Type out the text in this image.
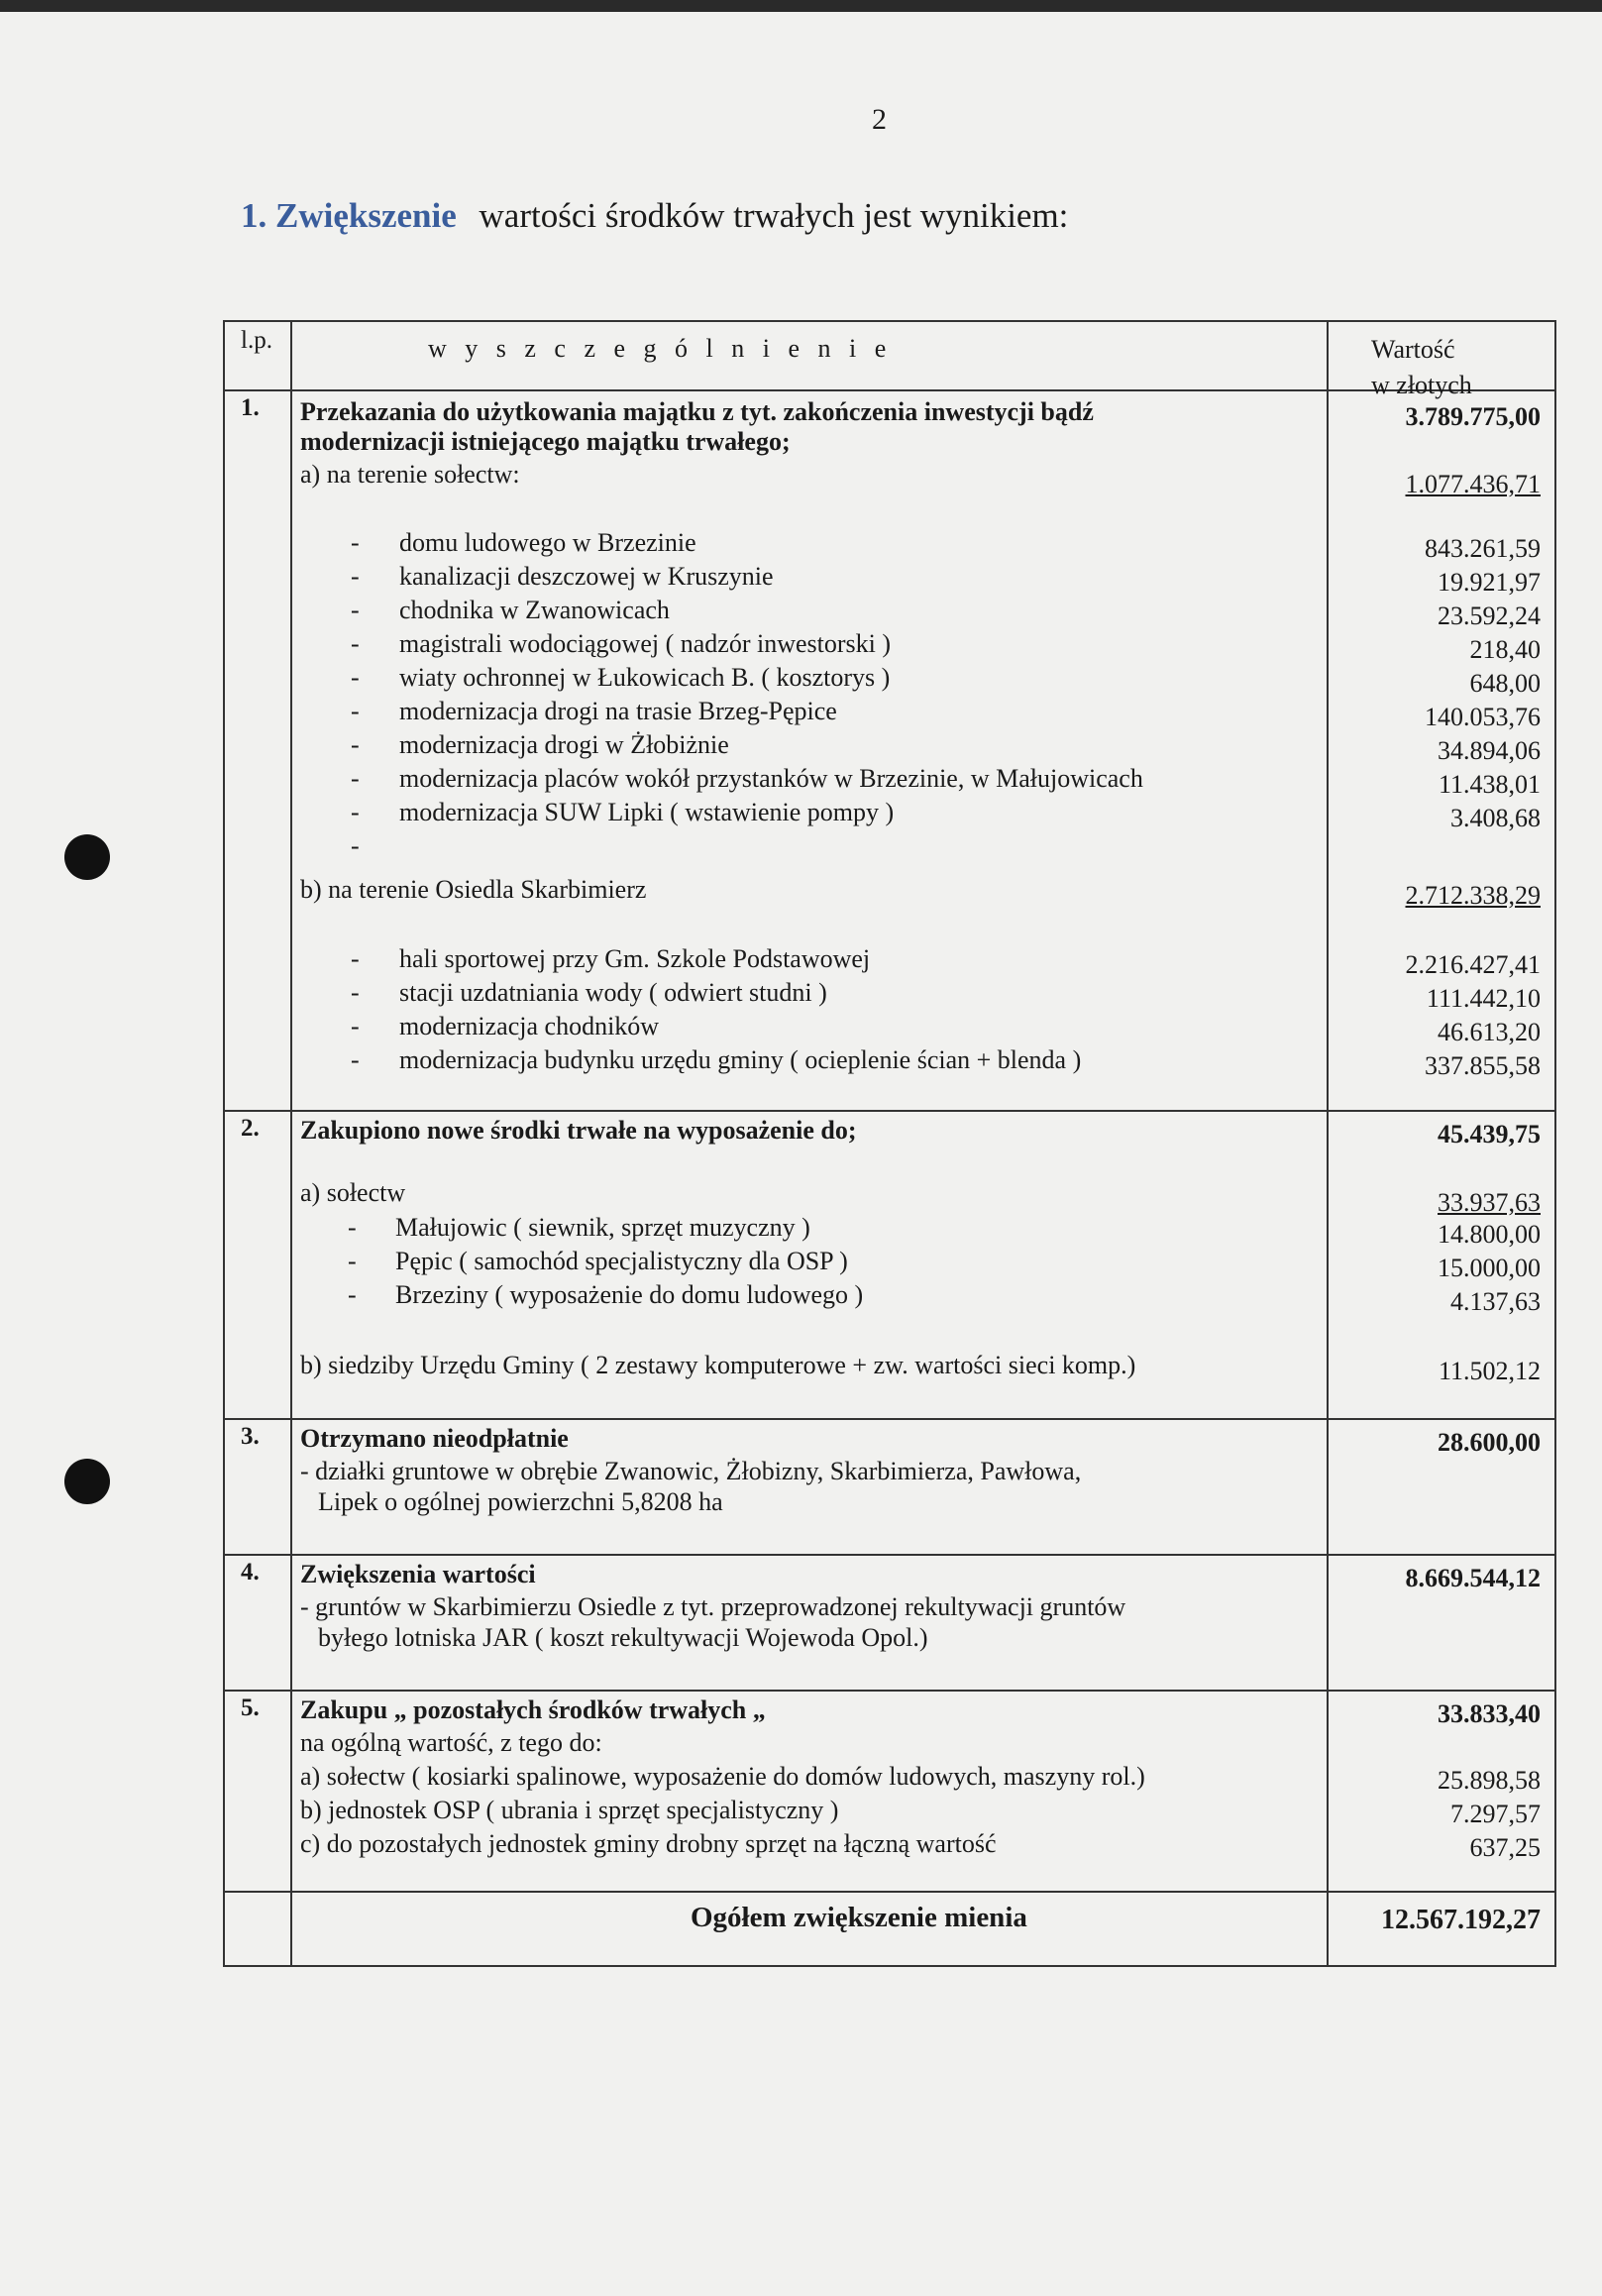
2
1. Zwiększenie wartości środków trwałych jest wynikiem:
l.p.	w y s z c z e g ó l n i e n i e	Wartość
w złotych
1. Przekazania do użytkowania majątku z tyt. zakończenia inwestycji bądź
modernizacji istniejącego majątku trwałego;
3.789.775,00
a) na terenie sołectw:	1.077.436,71
- domu ludowego w Brzezinie	843.261,59
- kanalizacji deszczowej w Kruszynie	19.921,97
- chodnika w Zwanowicach	23.592,24
- magistrali wodociągowej ( nadzór inwestorski )	218,40
- wiaty ochronnej w Łukowicach B. ( kosztorys )	648,00
- modernizacja drogi na trasie Brzeg-Pępice	140.053,76
- modernizacja drogi w Żłobiżnie	34.894,06
- modernizacja placów wokół przystanków w Brzezinie, w Małujowicach	11.438,01
- modernizacja SUW Lipki ( wstawienie pompy )	3.408,68
-
b) na terenie Osiedla Skarbimierz	2.712.338,29
- hali sportowej przy Gm. Szkole Podstawowej	2.216.427,41
- stacji uzdatniania wody ( odwiert studni )	111.442,10
- modernizacja chodników	46.613,20
- modernizacja budynku urzędu gminy ( ocieplenie ścian + blenda )	337.855,58
2. Zakupiono nowe środki trwałe na wyposażenie do;	45.439,75
a) sołectw	33.937,63
- Małujowic ( siewnik, sprzęt muzyczny )	14.800,00
- Pępic ( samochód specjalistyczny dla OSP )	15.000,00
- Brzeziny ( wyposażenie do domu ludowego )	4.137,63
b) siedziby Urzędu Gminy ( 2 zestawy komputerowe + zw. wartości sieci komp.)	11.502,12
3. Otrzymano nieodpłatnie	28.600,00
- działki gruntowe w obrębie Zwanowic, Żłobizny, Skarbimierza, Pawłowa,
Lipek o ogólnej powierzchni 5,8208 ha
4. Zwiększenia wartości	8.669.544,12
- gruntów w Skarbimierzu Osiedle z tyt. przeprowadzonej rekultywacji gruntów
byłego lotniska JAR ( koszt rekultywacji Wojewoda Opol.)
5. Zakupu „ pozostałych środków trwałych „	33.833,40
na ogólną wartość, z tego do:
a) sołectw ( kosiarki spalinowe, wyposażenie do domów ludowych, maszyny rol.)	25.898,58
b) jednostek OSP ( ubrania i sprzęt specjalistyczny )	7.297,57
c) do pozostałych jednostek gminy drobny sprzęt na łączną wartość	637,25
Ogółem zwiększenie mienia	12.567.192,27
